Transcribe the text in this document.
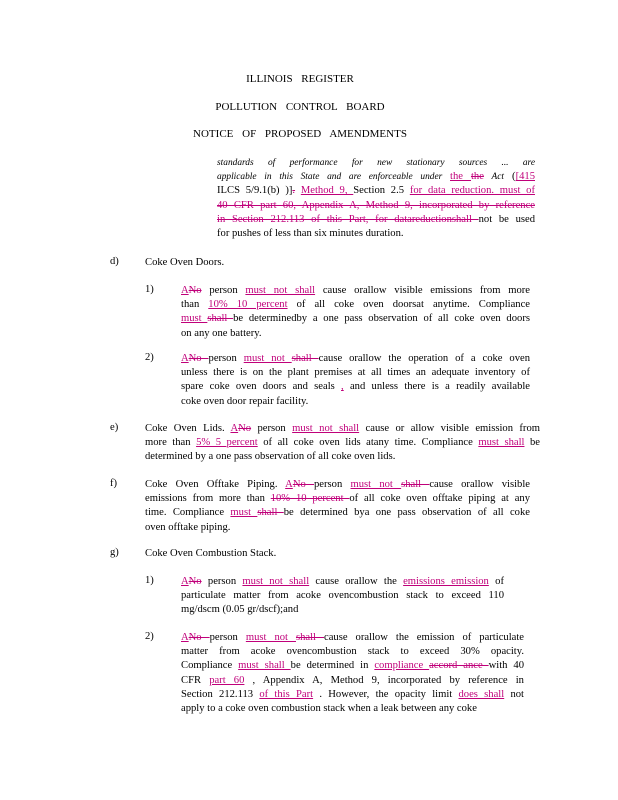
ILLINOIS REGISTER
POLLUTION CONTROL BOARD
NOTICE OF PROPOSED AMENDMENTS
standards of performance for new stationary sources ... are
applicable in this State and are enforceable under the the Act ([415
ILCS 5/9.1(b) )]. Method 9, Section 2.5 for data reduction. must of
40 CFR part 60, Appendix A, Method 9, incorporated by reference
in Section 212.113 of this Part, for datareductionshall not be used
for pushes of less than six minutes duration.
d) Coke Oven Doors.
1)	ANo person must not shall cause orallow visible emissions from more
than 10% 10 percent of all coke oven doorsat anytime. Compliance
must shall be determinedby a one pass observation of all coke oven doors
on any one battery.
2)	ANo person must not shall cause orallow the operation of a coke oven
unless there is on the plant premises at all times an adequate inventory of
spare coke oven doors and seals , and unless there is a readily available
coke oven door repair facility.
e)	Coke Oven Lids. ANo person must not shall cause or allow visible emission from
more than 5% 5 percent of all coke oven lids atany time. Compliance must shall be
determined by a one pass observation of all coke oven lids.
f)	Coke Oven Offtake Piping. ANo person must not shall cause orallow visible
emissions from more than 10% 10 percent of all coke oven offtake piping at any
time. Compliance must shall be determined bya one pass observation of all coke
oven offtake piping.
g) Coke Oven Combustion Stack.
1)	ANo person must not shall cause orallow the emissions emission of
particulate matter from acoke ovencombustion stack to exceed 110
mg/dscm (0.05 gr/dscf);and
2)	ANo person must not shall cause orallow the emission of particulate
matter from acoke ovencombustion stack to exceed 30% opacity.
Compliance must shall be determined in compliance accord ance with 40
CFR part 60 , Appendix A, Method 9, incorporated by reference in
Section 212.113 of this Part . However, the opacity limit does shall not
apply to a coke oven combustion stack when a leak between any coke
